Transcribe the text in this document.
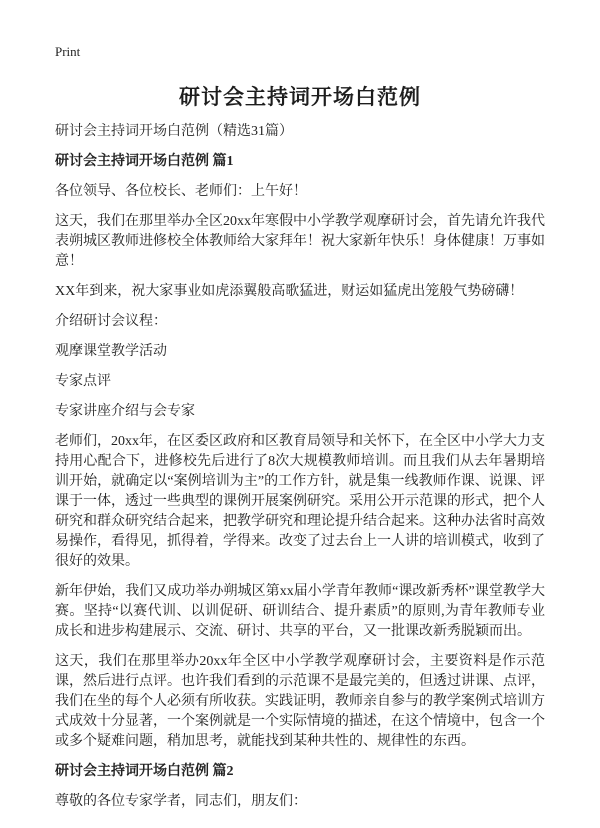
Print
研讨会主持词开场白范例

研讨会主持词开场白范例（精选31篇）

研讨会主持词开场白范例 篇1

各位领导、各位校长、老师们：上午好！

这天，我们在那里举办全区20xx年寒假中小学教学观摩研讨会，首先请允许我代表朔城区教师进修校全体教师给大家拜年！祝大家新年快乐！身体健康！万事如意！

XX年到来，祝大家事业如虎添翼般高歌猛进，财运如猛虎出笼般气势磅礴！

介绍研讨会议程：

观摩课堂教学活动

专家点评

专家讲座介绍与会专家

老师们，20xx年，在区委区政府和区教育局领导和关怀下，在全区中小学大力支持用心配合下，进修校先后进行了8次大规模教师培训。而且我们从去年暑期培训开始，就确定以“案例培训为主”的工作方针，就是集一线教师作课、说课、评课于一体，透过一些典型的课例开展案例研究。采用公开示范课的形式，把个人研究和群众研究结合起来，把教学研究和理论提升结合起来。这种办法省时高效易操作，看得见，抓得着，学得来。改变了过去台上一人讲的培训模式，收到了很好的效果。

新年伊始，我们又成功举办朔城区第xx届小学青年教师“课改新秀杯”课堂教学大赛。坚持“以赛代训、以训促研、研训结合、提升素质”的原则,为青年教师专业成长和进步构建展示、交流、研讨、共享的平台，又一批课改新秀脱颖而出。

这天，我们在那里举办20xx年全区中小学教学观摩研讨会，主要资料是作示范课，然后进行点评。也许我们看到的示范课不是最完美的，但透过讲课、点评，我们在坐的每个人必须有所收获。实践证明，教师亲自参与的教学案例式培训方式成效十分显著，一个案例就是一个实际情境的描述，在这个情境中，包含一个或多个疑难问题，稍加思考，就能找到某种共性的、规律性的东西。

研讨会主持词开场白范例 篇2

尊敬的各位专家学者，同志们，朋友们：
